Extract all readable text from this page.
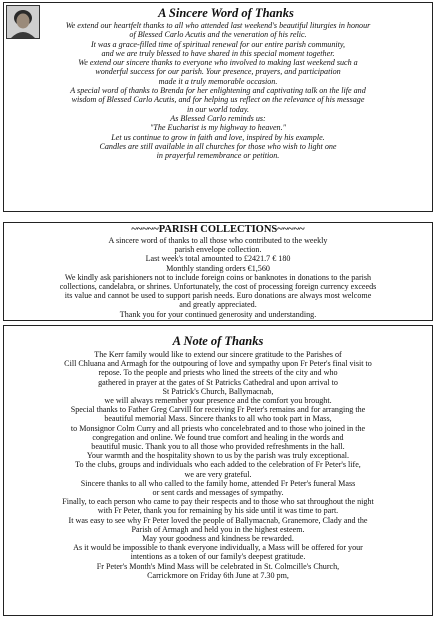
A Sincere Word of Thanks

We extend our heartfelt thanks to all who attended last weekend's beautiful liturgies in honour

of Blessed Carlo Acutis and the veneration of his relic.

It was a grace-filled time of spiritual renewal for our entire parish community,

and we are truly blessed to have shared in this special moment together.

We extend our sincere thanks to everyone who involved to making last weekend such a

wonderful success for our parish. Your presence, prayers, and participation

made it a truly memorable occasion.

A special word of thanks to Brenda for her enlightening and captivating talk on the life and

wisdom of Blessed Carlo Acutis, and for helping us reflect on the relevance of his message

in our world today.

As Blessed Carlo reminds us:

"The Eucharist is my highway to heaven."

Let us continue to grow in faith and love, inspired by his example.

Candles are still available in all churches for those who wish to light one

in prayerful remembrance or petition.

~~~~~PARISH COLLECTIONS~~~~~

A sincere word of thanks to all those who contributed to the weekly

parish envelope collection.

Last week's total amounted to £2421.7 € 180

Monthly standing orders €1,560

We kindly ask parishioners not to include foreign coins or banknotes in donations to the parish

collections, candelabra, or shrines. Unfortunately, the cost of processing foreign currency exceeds

its value and cannot be used to support parish needs. Euro donations are always most welcome

and greatly appreciated.

Thank you for your continued generosity and understanding.

A Note of Thanks

The Kerr family would like to extend our sincere gratitude to the Parishes of

Cill Chluana and Armagh for the outpouring of love and sympathy upon Fr Peter's final visit to

repose. To the people and priests who lined the streets of the city and who

gathered in prayer at the gates of St Patricks Cathedral and upon arrival to

St Patrick's Church, Ballymacnab,

we will always remember your presence and the comfort you brought.

Special thanks to Father Greg Carvill for receiving Fr Peter's remains and for arranging the

beautiful memorial Mass. Sincere thanks to all who took part in Mass,

to Monsignor Colm Curry and all priests who concelebrated and to those who joined in the

congregation and online. We found true comfort and healing in the words and

beautiful music. Thank you to all those who provided refreshments in the hall.

Your warmth and the hospitality shown to us by the parish was truly exceptional.

To the clubs, groups and individuals who each added to the celebration of Fr Peter's life,

we are very grateful.

Sincere thanks to all who called to the family home, attended Fr Peter's funeral Mass

or sent cards and messages of sympathy.

Finally, to each person who came to pay their respects and to those who sat throughout the night

with Fr Peter, thank you for remaining by his side until it was time to part.

It was easy to see why Fr Peter loved the people of Ballymacnab, Granemore, Clady and the

Parish of Armagh and held you in the highest esteem.

May your goodness and kindness be rewarded.

As it would be impossible to thank everyone individually, a Mass will be offered for your

intentions as a token of our family's deepest gratitude.

Fr Peter's Month's Mind Mass will be celebrated in St. Colmcille's Church,

Carrickmore on Friday 6th June at 7.30 pm,
